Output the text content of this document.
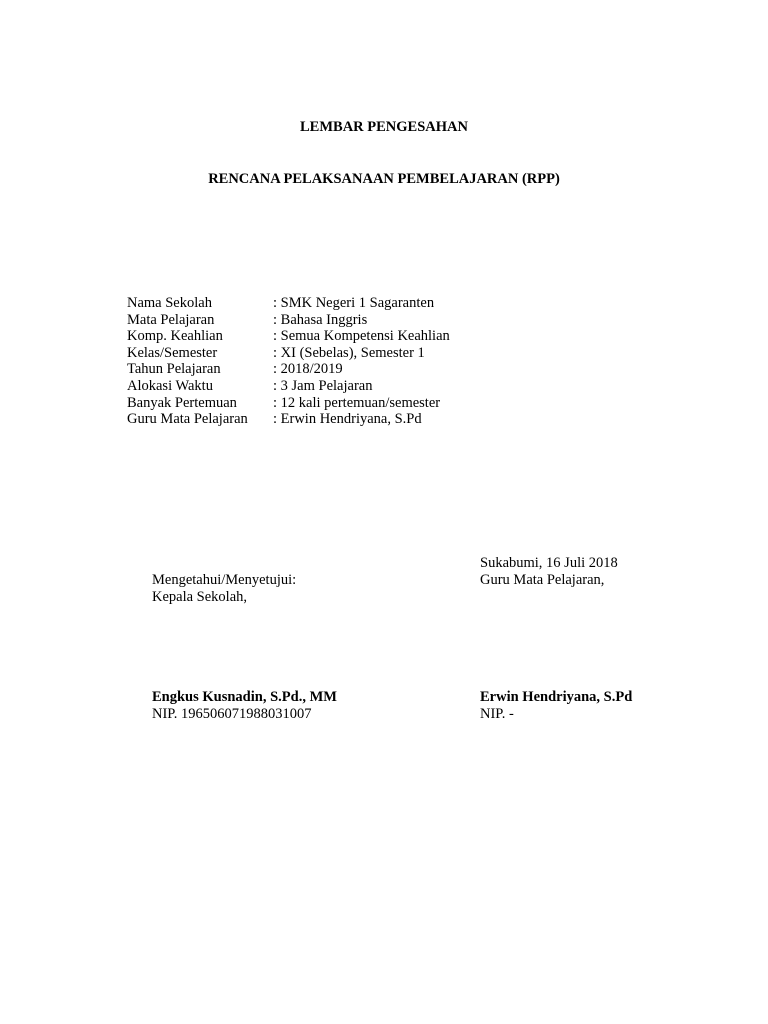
LEMBAR PENGESAHAN
RENCANA PELAKSANAAN PEMBELAJARAN (RPP)
Nama Sekolah	: SMK Negeri 1 Sagaranten
Mata Pelajaran	: Bahasa Inggris
Komp. Keahlian	: Semua Kompetensi Keahlian
Kelas/Semester	: XI (Sebelas), Semester 1
Tahun Pelajaran	: 2018/2019
Alokasi Waktu	: 3 Jam Pelajaran
Banyak Pertemuan	: 12 kali pertemuan/semester
Guru Mata Pelajaran	: Erwin Hendriyana, S.Pd
Sukabumi, 16 Juli 2018
Guru Mata Pelajaran,
Mengetahui/Menyetujui:
Kepala Sekolah,
Engkus Kusnadin, S.Pd., MM
NIP. 196506071988031007
Erwin Hendriyana, S.Pd
NIP. -
